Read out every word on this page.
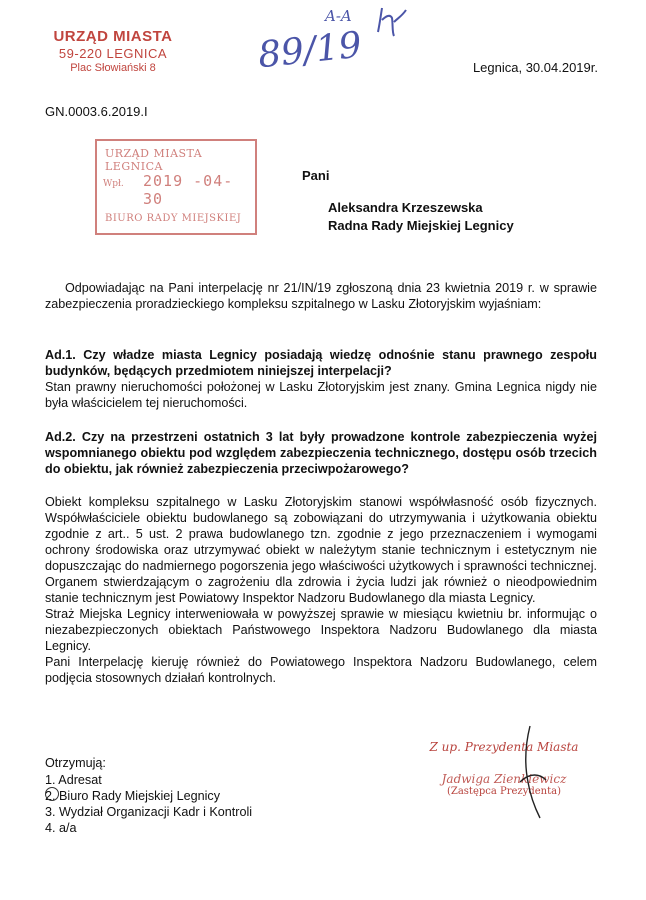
URZĄD MIASTA
59-220 LEGNICA
Plac Słowiański 8
A-A
89/19	Legnica, 30.04.2019r.
GN.0003.6.2019.I
URZĄD MIASTA LEGNICA
Wpł. 2019 -04- 30
BIURO RADY MIEJSKIEJ
Pani
Aleksandra Krzeszewska
Radna Rady Miejskiej Legnicy
Odpowiadając na Pani interpelację nr 21/IN/19 zgłoszoną dnia 23 kwietnia 2019 r. w sprawie zabezpieczenia proradzieckiego kompleksu szpitalnego w Lasku Złotoryjskim wyjaśniam:
Ad.1. Czy władze miasta Legnicy posiadają wiedzę odnośnie stanu prawnego zespołu budynków, będących przedmiotem niniejszej interpelacji?
Stan prawny nieruchomości położonej w Lasku Złotoryjskim jest znany. Gmina Legnica nigdy nie była właścicielem tej nieruchomości.
Ad.2. Czy na przestrzeni ostatnich 3 lat były prowadzone kontrole zabezpieczenia wyżej wspomnianego obiektu pod względem zabezpieczenia technicznego, dostępu osób trzecich do obiektu, jak również zabezpieczenia przeciwpożarowego?

Obiekt kompleksu szpitalnego w Lasku Złotoryjskim stanowi współwłasność osób fizycznych. Współwłaściciele obiektu budowlanego są zobowiązani do utrzymywania i użytkowania obiektu zgodnie z art.. 5 ust. 2 prawa budowlanego tzn. zgodnie z jego przeznaczeniem i wymogami ochrony środowiska oraz utrzymywać obiekt w należytym stanie technicznym i estetycznym nie dopuszczając do nadmiernego pogorszenia jego właściwości użytkowych i sprawności technicznej. Organem stwierdzającym o zagrożeniu dla zdrowia i życia ludzi jak również o nieodpowiednim stanie technicznym jest Powiatowy Inspektor Nadzoru Budowlanego dla miasta Legnicy.

Straż Miejska Legnicy interweniowała w powyższej sprawie w miesiącu kwietniu br. informując o niezabezpieczonych obiektach Państwowego Inspektora Nadzoru Budowlanego dla miasta Legnicy.

Pani Interpelację kieruję również do Powiatowego Inspektora Nadzoru Budowlanego, celem podjęcia stosownych działań kontrolnych.

Otrzymują:
1. Adresat
2. Biuro Rady Miejskiej Legnicy
3. Wydział Organizacji Kadr i Kontroli
4. a/a
Z up. Prezydenta Miasta
Jadwiga Zienkiewicz
(Zastępca Prezydenta)
